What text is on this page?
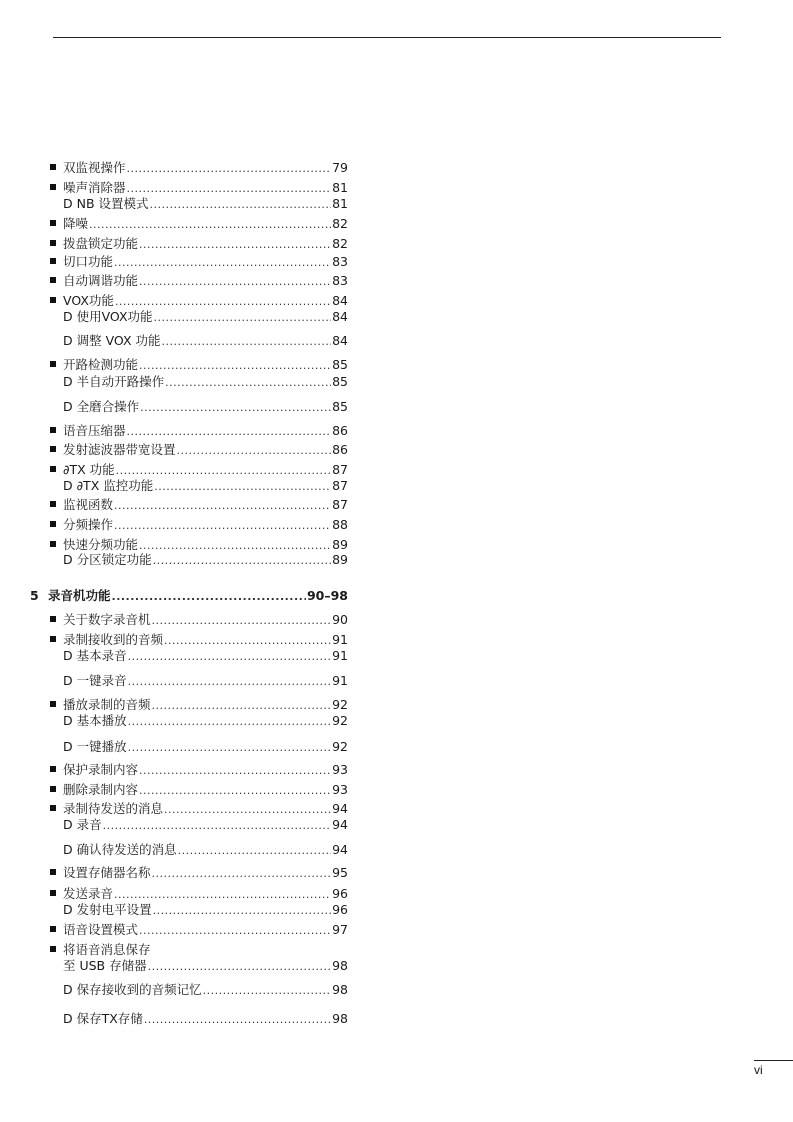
双监视操作 .....	79
噪声消除器 .....	81
D NB 设置模式 .....	81
降噪 .....	82
拨盘锁定功能 .....	82
切口功能 .....	83
自动调谐功能 .....	83
VOX功能 .....	84
D 使用VOX功能 .....	84
D 调整 VOX 功能 .....	84
开路检测功能 .....	85
D 半自动开路操作 .....	85
D 全磨合操作 .....	85
语音压缩器 .....	86
发射滤波器带宽设置 .....	86
∂TX 功能 .....	87
D ∂TX 监控功能 .....	87
监视函数 .....	87
分频操作 .....	88
快速分频功能 .....	89
D 分区锁定功能 .....	89
5 录音机功能 .....	90–98
关于数字录音机 .....	90
录制接收到的音频 .....	91
D 基本录音 .....	91
D 一键录音 .....	91
播放录制的音频 .....	92
D 基本播放 .....	92
D 一键播放 .....	92
保护录制内容 .....	93
删除录制内容 .....	93
录制待发送的消息 .....	94
D 录音 .....	94
D 确认待发送的消息 .....	94
设置存储器名称 .....	95
发送录音 .....	96
D 发射电平设置 .....	96
语音设置模式 .....	97
将语音消息保存
至 USB 存储器 .....	98
D 保存接收到的音频记忆 .....	98
D 保存TX存储 .....	98
vi
